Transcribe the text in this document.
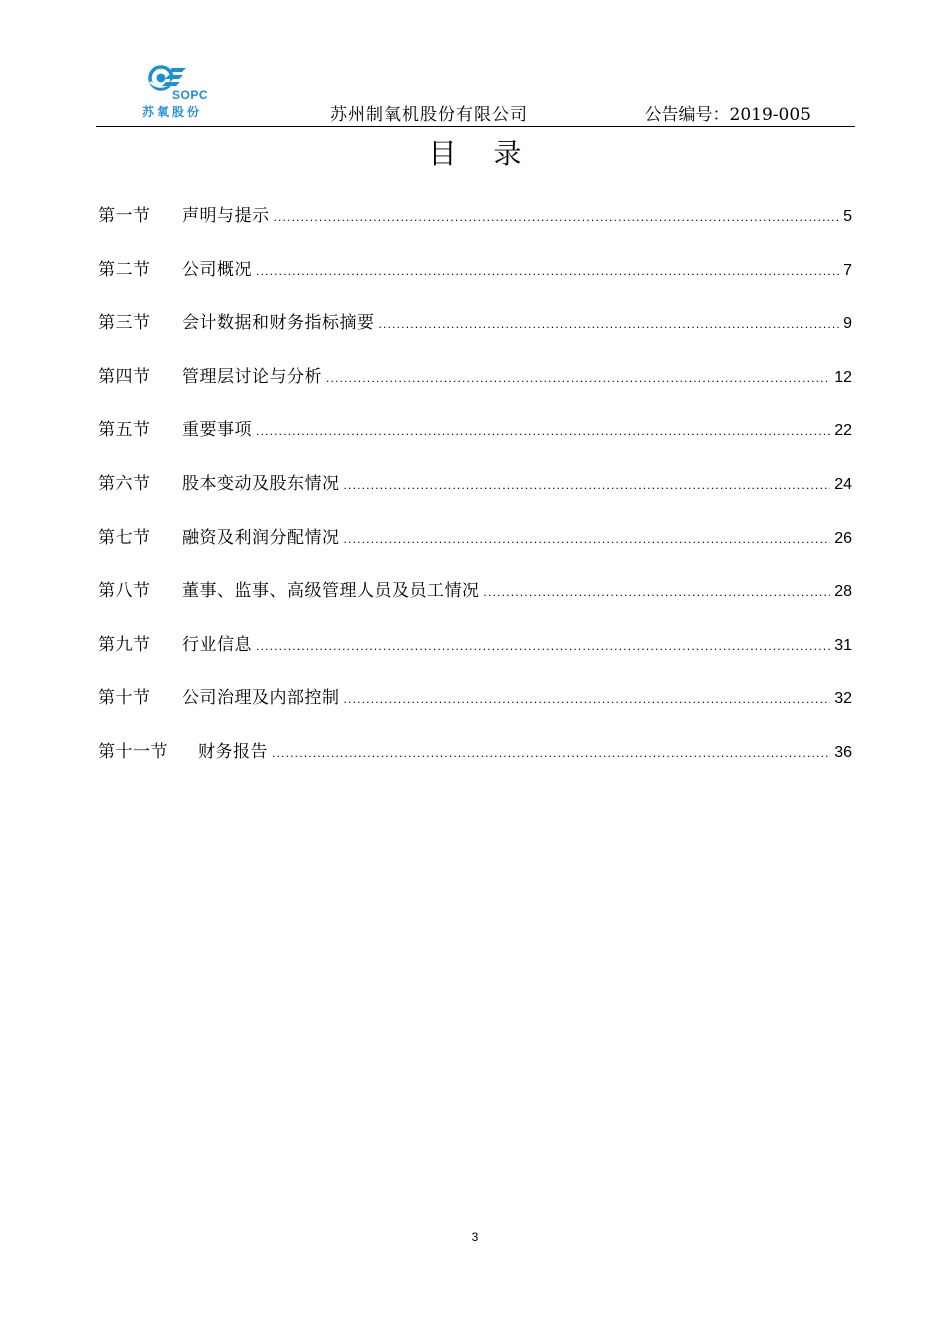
SOPC
苏氧股份	苏州制氧机股份有限公司	公告编号：2019-005
目 录
第一节	声明与提示 .....	5
第二节	公司概况 .....	7
第三节	会计数据和财务指标摘要 .....	9
第四节	管理层讨论与分析 .....	12
第五节	重要事项 .....	22
第六节	股本变动及股东情况 .....	24
第七节	融资及利润分配情况 .....	26
第八节	董事、监事、高级管理人员及员工情况 .....	28
第九节	行业信息 .....	31
第十节	公司治理及内部控制 .....	32
第十一节	财务报告 .....	36
3
